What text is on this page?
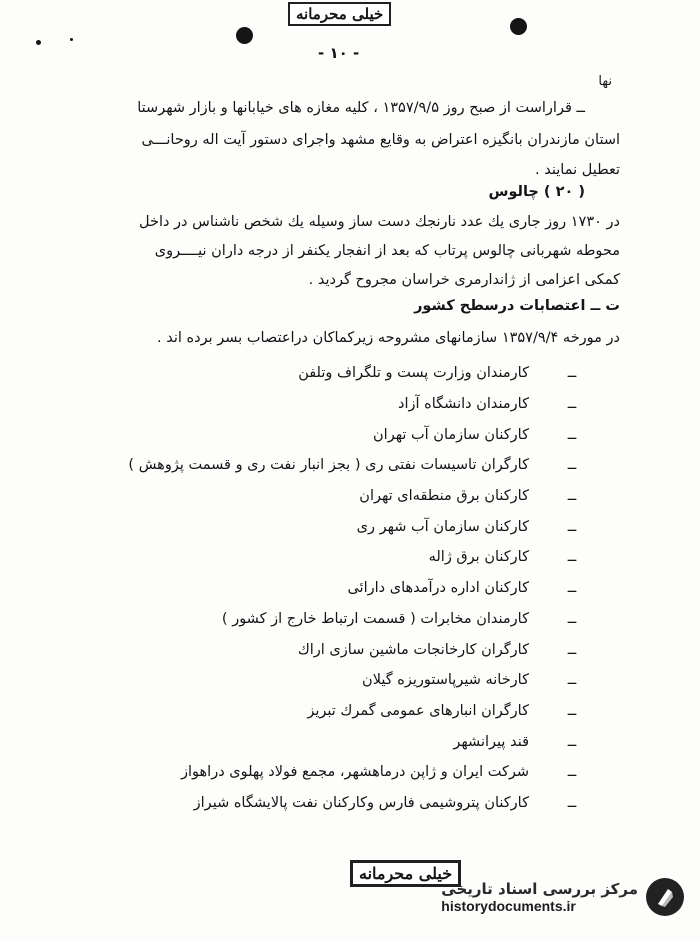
خیلی محرمانه
- ۱۰ -
نها
ــ قراراست از صبح روز ۱۳۵۷/۹/۵ ، کلیه مغازه های خیابانها و بازار شهرستا
استان مازندران بانگیزه اعتراض به وقایع مشهد واجرای دستور آیت اله روحانـــی
تعطیل نمایند .
( ۲۰ ) چالوس
در ۱۷۳۰ روز جاری یك عدد نارنجك دست ساز وسیله یك شخص ناشناس در داخل
محوطه شهربانی چالوس پرتاب که بعد از انفجار یکنفر از درجه داران نیــــروی
کمکی اعزامی از ژاندارمری خراسان مجروح گردید .
ت ــ اعتصابات درسطح کشور
در مورخه ۱۳۵۷/۹/۴ سازمانهای مشروحه زیرکماکان دراعتصاب بسر برده اند .
ــ
کارمندان وزارت پست و تلگراف وتلفن
ــ
کارمندان دانشگاه آزاد
ــ
کارکنان سازمان آب تهران
ــ
کارگران تاسیسات نفتی ری ( بجز انبار نفت ری و قسمت پژوهش )
ــ
کارکنان برق منطقه‌ای تهران
ــ
کارکنان سازمان آب شهر ری
ــ
کارکنان برق ژاله
ــ
کارکنان اداره درآمدهای دارائی
ــ
کارمندان مخابرات ( قسمت ارتباط خارج از کشور )
ــ
کارگران کارخانجات ماشین سازی اراك
ــ
کارخانه شیرپاستوریزه گیلان
ــ
کارگران انبارهای عمومی گمرك تبریز
ــ
قند پیرانشهر
ــ
شرکت ایران و ژاپن درماهشهر، مجمع فولاد پهلوی دراهواز
ــ
کارکنان پتروشیمی فارس وکارکنان نفت پالایشگاه شیراز
خیلی محرمانه
مرکز بررسی اسناد تاریخی
historydocuments.ir
